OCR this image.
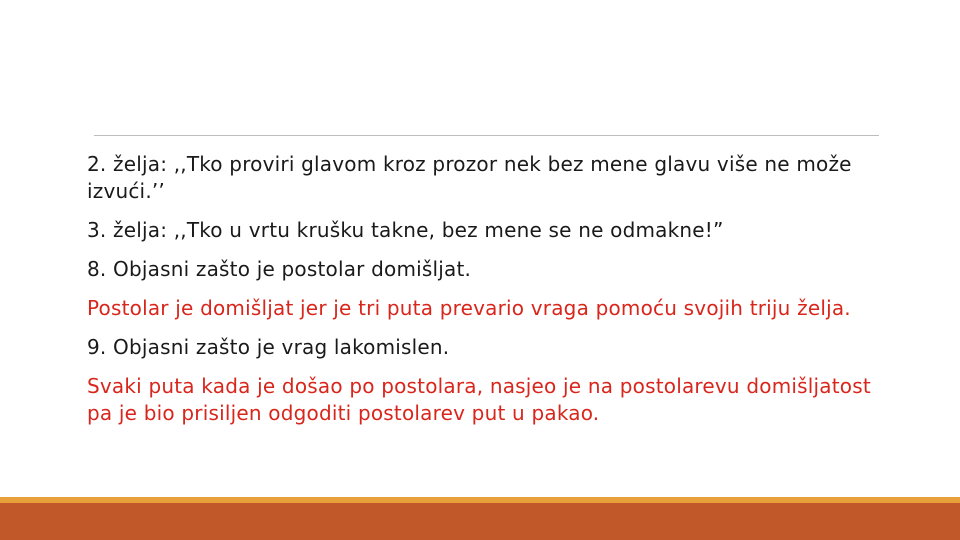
2. želja: ,,Tko proviri glavom kroz prozor nek bez mene glavu više ne može izvući.’’

3. želja: ,,Tko u vrtu krušku takne, bez mene se ne odmakne!”

8. Objasni zašto je postolar domišljat.

Postolar je domišljat jer je tri puta prevario vraga pomoću svojih triju želja.

9. Objasni zašto je vrag lakomislen.

Svaki puta kada je došao po postolara, nasjeo je na postolarevu domišljatost pa je bio prisiljen odgoditi postolarev put u pakao.
